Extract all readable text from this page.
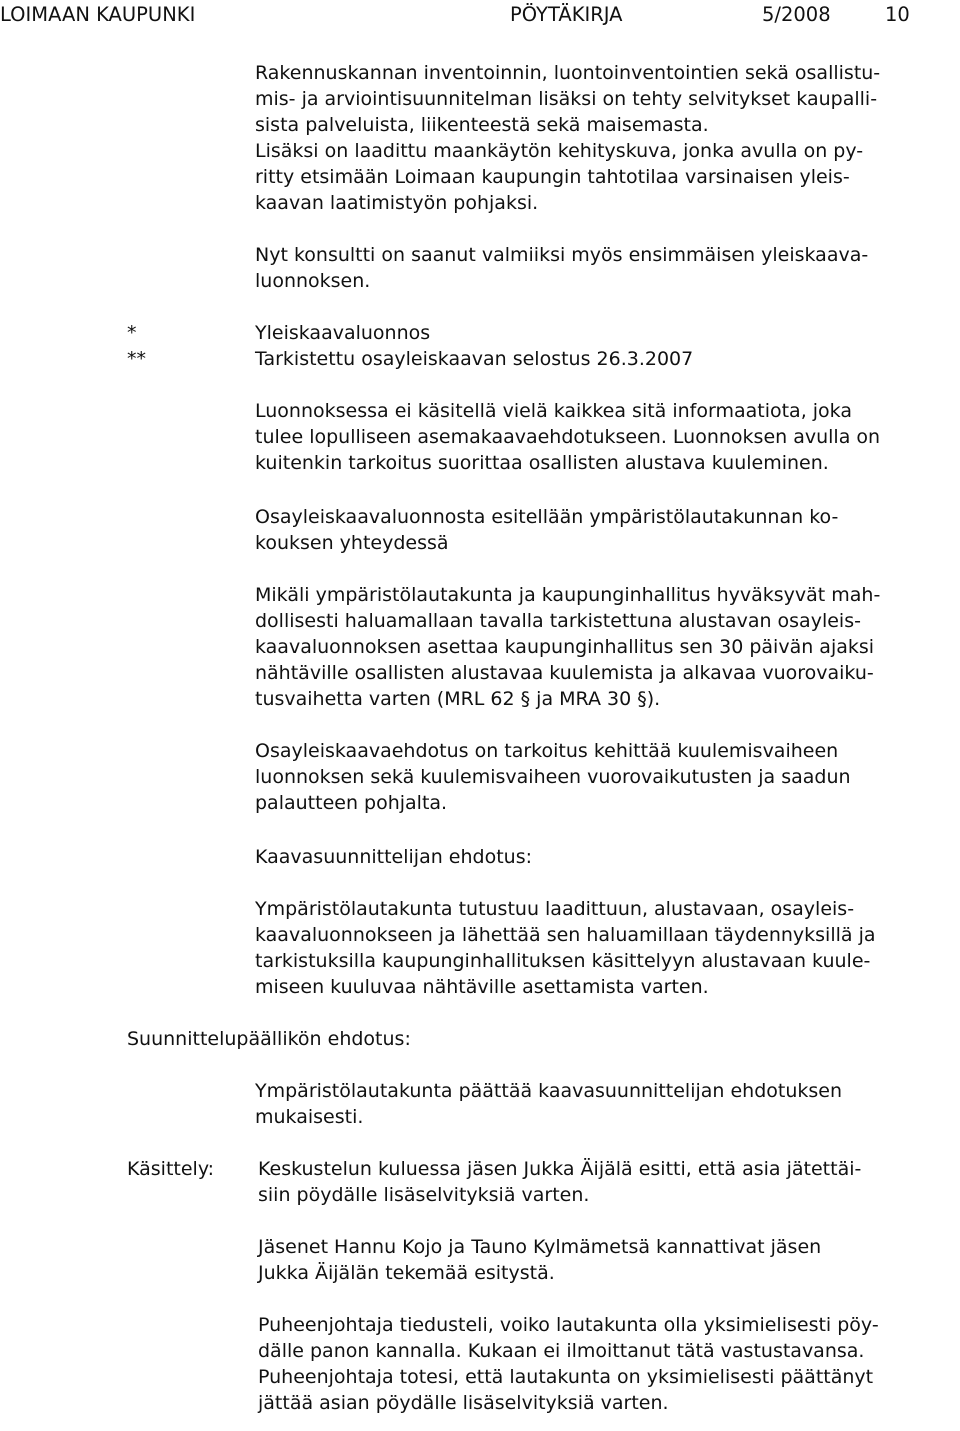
LOIMAAN KAUPUNKI	PÖYTÄKIRJA	5/2008	10
Rakennuskannan inventoinnin, luontoinventointien sekä osallistu-
mis- ja arviointisuunnitelman lisäksi on tehty selvitykset kaupalli-
sista palveluista, liikenteestä sekä maisemasta.
Lisäksi on laadittu maankäytön kehityskuva, jonka avulla on py-
ritty etsimään Loimaan kaupungin tahtotilaa varsinaisen yleis-
kaavan laatimistyön pohjaksi.
Nyt konsultti on saanut valmiiksi myös ensimmäisen yleiskaava-
luonnoksen.
*	Yleiskaavaluonnos
**	Tarkistettu osayleiskaavan selostus 26.3.2007
Luonnoksessa ei käsitellä vielä kaikkea sitä informaatiota, joka
tulee lopulliseen asemakaavaehdotukseen. Luonnoksen avulla on
kuitenkin tarkoitus suorittaa osallisten alustava kuuleminen.
Osayleiskaavaluonnosta esitellään ympäristölautakunnan ko-
kouksen yhteydessä
Mikäli ympäristölautakunta ja kaupunginhallitus hyväksyvät mah-
dollisesti haluamallaan tavalla tarkistettuna alustavan osayleis-
kaavaluonnoksen asettaa kaupunginhallitus sen 30 päivän ajaksi
nähtäville osallisten alustavaa kuulemista ja alkavaa vuorovaiku-
tusvaihetta varten (MRL 62 § ja MRA 30 §).
Osayleiskaavaehdotus on tarkoitus kehittää kuulemisvaiheen
luonnoksen sekä kuulemisvaiheen vuorovaikutusten ja saadun
palautteen pohjalta.
Kaavasuunnittelijan ehdotus:
Ympäristölautakunta tutustuu laadittuun, alustavaan, osayleis-
kaavaluonnokseen ja lähettää sen haluamillaan täydennyksillä ja
tarkistuksilla kaupunginhallituksen käsittelyyn alustavaan kuule-
miseen kuuluvaa nähtäville asettamista varten.
Suunnittelupäällikön ehdotus:
Ympäristölautakunta päättää kaavasuunnittelijan ehdotuksen
mukaisesti.
Käsittely: Keskustelun kuluessa jäsen Jukka Äijälä esitti, että asia jätettäi-
siin pöydälle lisäselvityksiä varten.
Jäsenet Hannu Kojo ja Tauno Kylmämetsä kannattivat jäsen
Jukka Äijälän tekemää esitystä.
Puheenjohtaja tiedusteli, voiko lautakunta olla yksimielisesti pöy-
dälle panon kannalla. Kukaan ei ilmoittanut tätä vastustavansa.
Puheenjohtaja totesi, että lautakunta on yksimielisesti päättänyt
jättää asian pöydälle lisäselvityksiä varten.
